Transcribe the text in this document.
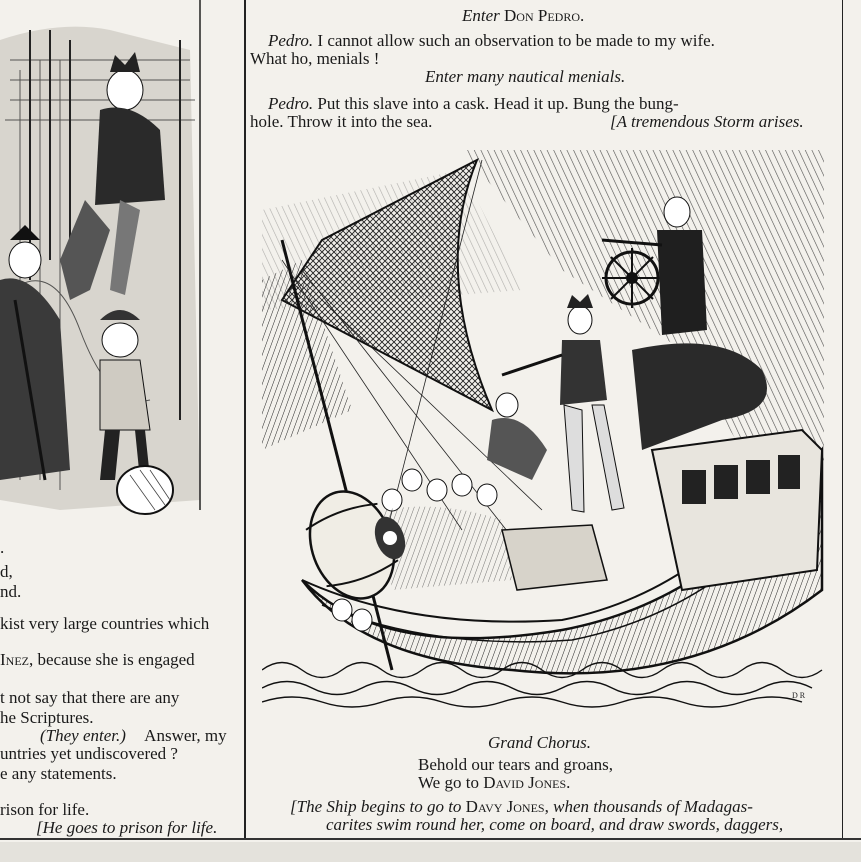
.
d,
nd.
kist very large countries which
Inez, because she is engaged
t not say that there are any
he Scriptures.
(They enter.) Answer, my
untries yet undiscovered ?
e any statements.
rison for life.
[He goes to prison for life.
Enter Don Pedro.
Pedro. I cannot allow such an observation to be made to my wife.
What ho, menials !
Enter many nautical menials.
Pedro. Put this slave into a cask. Head it up. Bung the bung-
hole. Throw it into the sea.	[A tremendous Storm arises.
D R
Grand Chorus.
Behold our tears and groans,
We go to David Jones.
[The Ship begins to go to Davy Jones, when thousands of Madagas-
carites swim round her, come on board, and draw swords, daggers,
